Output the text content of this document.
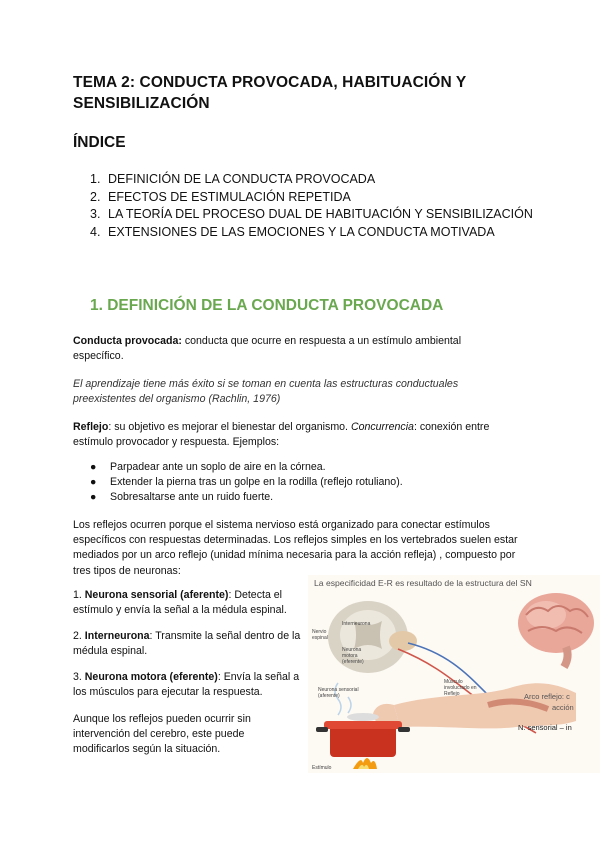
TEMA 2: CONDUCTA PROVOCADA, HABITUACIÓN Y SENSIBILIZACIÓN
ÍNDICE
1. DEFINICIÓN DE LA CONDUCTA PROVOCADA
2. EFECTOS DE ESTIMULACIÓN REPETIDA
3. LA TEORÍA DEL PROCESO DUAL DE HABITUACIÓN Y SENSIBILIZACIÓN
4. EXTENSIONES DE LAS EMOCIONES Y LA CONDUCTA MOTIVADA
1. DEFINICIÓN DE LA CONDUCTA PROVOCADA
Conducta provocada: conducta que ocurre en respuesta a un estímulo ambiental específico.
El aprendizaje tiene más éxito si se toman en cuenta las estructuras conductuales preexistentes del organismo (Rachlin, 1976)
Reflejo: su objetivo es mejorar el bienestar del organismo. Concurrencia: conexión entre estímulo provocador y respuesta. Ejemplos:
●	Parpadear ante un soplo de aire en la córnea.
●	Extender la pierna tras un golpe en la rodilla (reflejo rotuliano).
●	Sobresaltarse ante un ruido fuerte.
Los reflejos ocurren porque el sistema nervioso está organizado para conectar estímulos específicos con respuestas determinadas. Los reflejos simples en los vertebrados suelen estar mediados por un arco reflejo (unidad mínima necesaria para la acción refleja) , compuesto por tres tipos de neuronas:
1. Neurona sensorial (aferente): Detecta el estímulo y envía la señal a la médula espinal.
2. Interneurona: Transmite la señal dentro de la médula espinal.
3. Neurona motora (eferente): Envía la señal a los músculos para ejecutar la respuesta.
Aunque los reflejos pueden ocurrir sin intervención del cerebro, este puede modificarlos según la situación.
La especificidad E-R es resultado de la estructura del SN
Interneurona
Nervio espinal
Neurona motora (eferente)
Neurona sensorial (aferente)
Músculo involucrado en Reflejo
Estímulo
Arco reflejo: c
acción
N. sensorial – in
